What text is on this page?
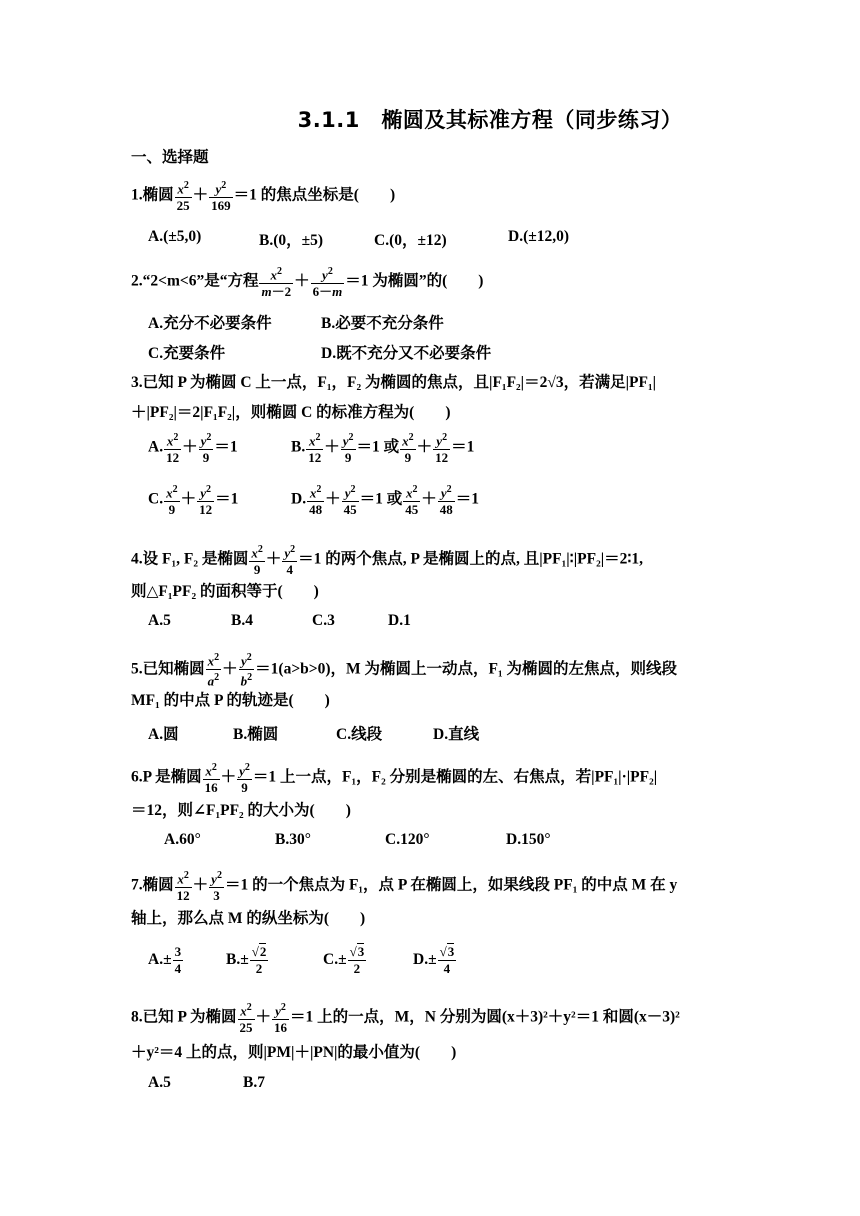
3.1.1　椭圆及其标准方程（同步练习）
一、选择题
1.椭圆 $\frac{x^2}{25} + \frac{y^2}{169} =1$ 的焦点坐标是(　　)
A.(±5,0)	B.(0，±5)	C.(0，±12)	D.(±12,0)
2.“2<m<6”是“方程 $\frac{x^2}{m-2} + \frac{y^2}{6-m} =1$ 为椭圆”的(　　)
A.充分不必要条件	B.必要不充分条件
C.充要条件	D.既不充分又不必要条件
3.已知 P 为椭圆 C 上一点，F₁，F₂ 为椭圆的焦点，且|F₁F₂|＝2√3，若满足|PF₁|
＋|PF₂|＝2|F₁F₂|，则椭圆 C 的标准方程为(　　)
A. $\frac{x^2}{12} + \frac{y^2}{9} =1$	B. $\frac{x^2}{12} + \frac{y^2}{9} =1$ 或 $\frac{x^2}{9} + \frac{y^2}{12} =1$
C. $\frac{x^2}{9} + \frac{y^2}{12} =1$	D. $\frac{x^2}{48} + \frac{y^2}{45} =1$ 或 $\frac{x^2}{45} + \frac{y^2}{48} =1$
4.设 F₁, F₂ 是椭圆 $\frac{x^2}{9} + \frac{y^2}{4} =1$ 的两个焦点, P 是椭圆上的点, 且|PF₁|∶|PF₂|＝2∶1,
则△F₁PF₂ 的面积等于(　　)
A.5	B.4	C.3	D.1
5.已知椭圆 $\frac{x^2}{a^2} + \frac{y^2}{b^2} =1(a>b>0)$，M 为椭圆上一动点，F₁ 为椭圆的左焦点，则线段
MF₁ 的中点 P 的轨迹是(　　)
A.圆	B.椭圆	C.线段	D.直线
6.P 是椭圆 $\frac{x^2}{16} + \frac{y^2}{9} =1$ 上一点，F₁，F₂ 分别是椭圆的左、右焦点，若|PF₁|·|PF₂|
＝12，则∠F₁PF₂ 的大小为(　　)
A.60°	B.30°	C.120°	D.150°
7.椭圆 $\frac{x^2}{12} + \frac{y^2}{3} =1$ 的一个焦点为 F₁，点 P 在椭圆上，如果线段 PF₁ 的中点 M 在 y
轴上，那么点 M 的纵坐标为(　　)
$A.\pm \frac{3}{4}$	$B.\pm \frac{√2}{2}$	$C.\pm \frac{√3}{2}$	$D.\pm \frac{√3}{4}$
8.已知 P 为椭圆 $\frac{x^2}{25} + \frac{y^2}{16} =1$ 上的一点，M，N 分别为圆(x＋3)²＋y²＝1 和圆(x－3)²
＋y²＝4 上的点，则|PM|＋|PN|的最小值为(　　)
A.5	B.7
